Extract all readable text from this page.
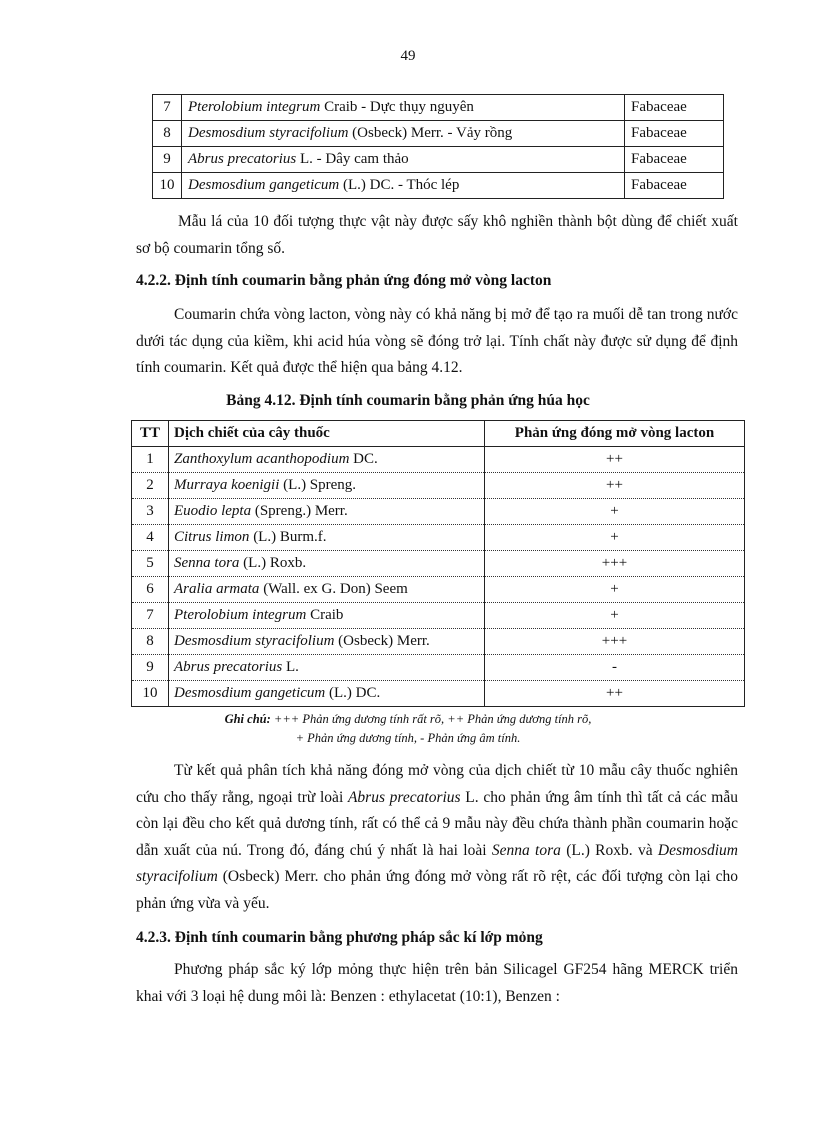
49
7	Pterolobium integrum Craib - Dực thụy nguyên	Fabaceae
8	Desmosdium styracifolium (Osbeck) Merr. - Vảy rồng	Fabaceae
9	Abrus precatorius L. - Dây cam thảo	Fabaceae
10	Desmosdium gangeticum (L.) DC. - Thóc lép	Fabaceae

Mẫu lá của 10 đối tượng thực vật này được sấy khô nghiền thành bột dùng để chiết xuất sơ bộ coumarin tổng số.

4.2.2. Định tính coumarin bằng phản ứng đóng mở vòng lacton

Coumarin chứa vòng lacton, vòng này có khả năng bị mở để tạo ra muối dễ tan trong nước dưới tác dụng của kiềm, khi acid húa vòng sẽ đóng trở lại. Tính chất này được sử dụng để định tính coumarin. Kết quả được thể hiện qua bảng 4.12.

Bảng 4.12. Định tính coumarin bằng phản ứng húa học
TT	Dịch chiết của cây thuốc	Phản ứng đóng mở vòng lacton
1	Zanthoxylum acanthopodium DC.	++
2	Murraya koenigii (L.) Spreng.	++
3	Euodio lepta (Spreng.) Merr.	+
4	Citrus limon (L.) Burm.f.	+
5	Senna tora (L.) Roxb.	+++
6	Aralia armata (Wall. ex G. Don) Seem	+
7	Pterolobium integrum Craib	+
8	Desmosdium styracifolium (Osbeck) Merr.	+++
9	Abrus precatorius L.	-
10	Desmosdium gangeticum (L.) DC.	++
Ghi chú: +++ Phản ứng dương tính rất rõ, ++ Phản ứng dương tính rõ,
+ Phản ứng dương tính, - Phản ứng âm tính.

Từ kết quả phân tích khả năng đóng mở vòng của dịch chiết từ 10 mẫu cây thuốc nghiên cứu cho thấy rằng, ngoại trừ loài Abrus precatorius L. cho phản ứng âm tính thì tất cả các mẫu còn lại đều cho kết quả dương tính, rất có thể cả 9 mẫu này đều chứa thành phần coumarin hoặc dẫn xuất của nú. Trong đó, đáng chú ý nhất là hai loài Senna tora (L.) Roxb. và Desmosdium styracifolium (Osbeck) Merr. cho phản ứng đóng mở vòng rất rõ rệt, các đối tượng còn lại cho phản ứng vừa và yếu.

4.2.3. Định tính coumarin bằng phương pháp sắc kí lớp mỏng

Phương pháp sắc ký lớp mỏng thực hiện trên bản Silicagel GF254 hãng MERCK triển khai với 3 loại hệ dung môi là: Benzen : ethylacetat (10:1), Benzen :
